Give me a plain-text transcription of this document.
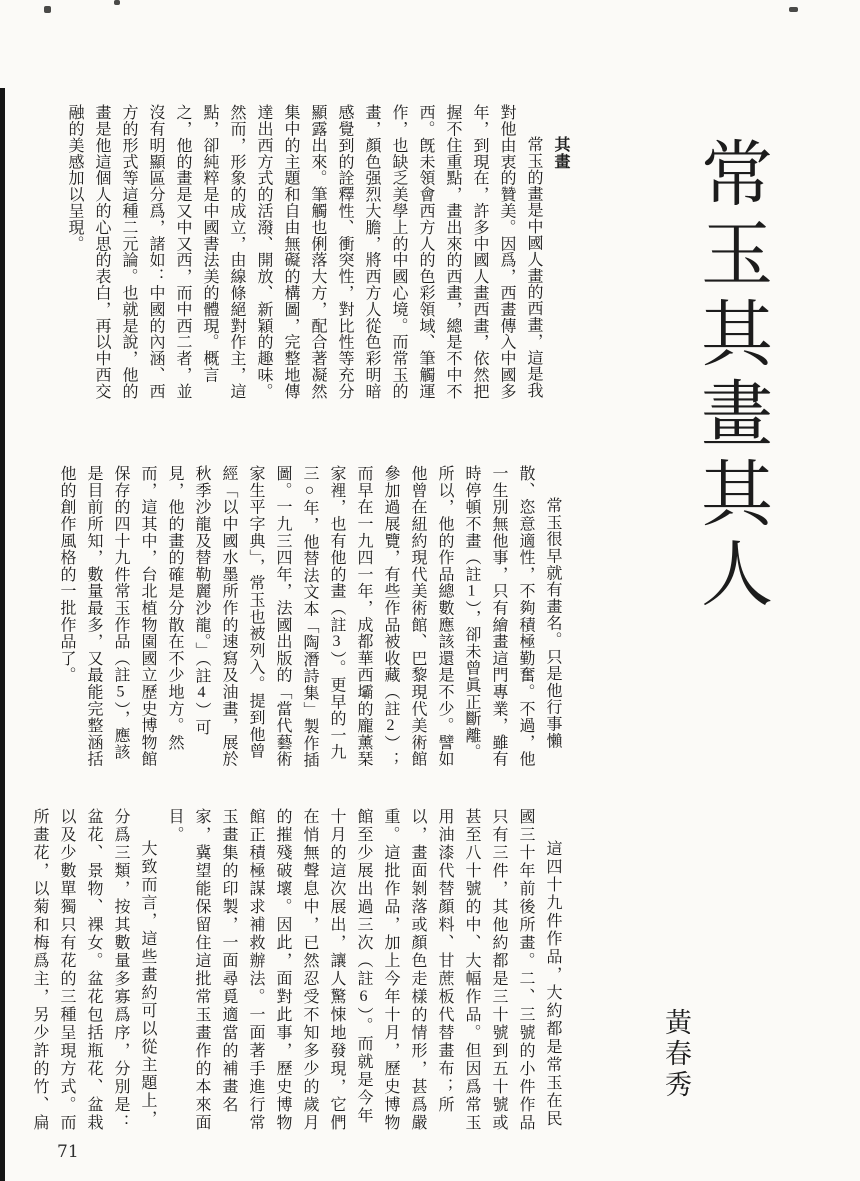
常玉其畫其人
黃春秀
其畫

常玉的畫是中國人畫的西畫，這是我對他由衷的贊美。因爲，西畫傳入中國多年，到現在，許多中國人畫西畫，依然把握不住重點，畫出來的西畫，總是不中不西。旣未領會西方人的色彩領域、筆觸運作，也缺乏美學上的中國心境。而常玉的畫，顏色强烈大膽，將西方人從色彩明暗感覺到的詮釋性、衝突性，對比性等充分顯露出來。筆觸也俐落大方，配合著凝然集中的主題和自由無礙的構圖，完整地傳達出西方式的活潑、開放、新穎的趣味。然而，形象的成立，由線條絕對作主，這點，卻純粹是中國書法美的體現。概言之，他的畫是又中又西，而中西二者，並沒有明顯區分爲，諸如：中國的內涵、西方的形式等這種二元論。也就是說，他的畫是他這個人的心思的表白，再以中西交融的美感加以呈現。

常玉很早就有畫名。只是他行事懶散、恣意適性，不夠積極勤奮。不過，他一生別無他事，只有繪畫這門專業，雖有時停頓不畫（註1），卻未曾眞正斷離。所以，他的作品總數應該還是不少。譬如他曾在紐約現代美術館、巴黎現代美術館參加過展覽，有些作品被收藏（註2）；而早在一九四一年，成都華西壩的龐薰琹家裡，也有他的畫（註3）。更早的一九三○年，他替法文本「陶潛詩集」製作插圖。一九三四年，法國出版的「當代藝術家生平字典」，常玉也被列入。提到他曾經「以中國水墨所作的速寫及油畫，展於秋季沙龍及替勒麗沙龍。」（註4）可見，他的畫的確是分散在不少地方。然而，這其中，台北植物園國立歷史博物館保存的四十九件常玉作品（註5），應該是目前所知，數量最多，又最能完整涵括他的創作風格的一批作品了。

這四十九件作品，大約都是常玉在民國三十年前後所畫。二、三號的小件作品只有三件，其他約都是三十號到五十號或甚至八十號的中、大幅作品。但因爲常玉用油漆代替顏料、甘蔗板代替畫布；所以，畫面剝落或顏色走樣的情形，甚爲嚴重。這批作品，加上今年十月，歷史博物館至少展出過三次（註6）。而就是今年十月的這次展出，讓人驚悚地發現，它們在悄無聲息中，已然忍受不知多少的歲月的摧殘破壞。因此，面對此事，歷史博物館正積極謀求補救辦法。一面著手進行常玉畫集的印製，一面尋覓適當的補畫名家，冀望能保留住這批常玉畫作的本來面目。

大致而言，這些畫約可以從主題上，分爲三類，按其數量多寡爲序，分別是：盆花、景物、裸女。盆花包括瓶花、盆栽以及少數單獨只有花的三種呈現方式。而所畫花，以菊和梅爲主，另少許的竹、扁

71
